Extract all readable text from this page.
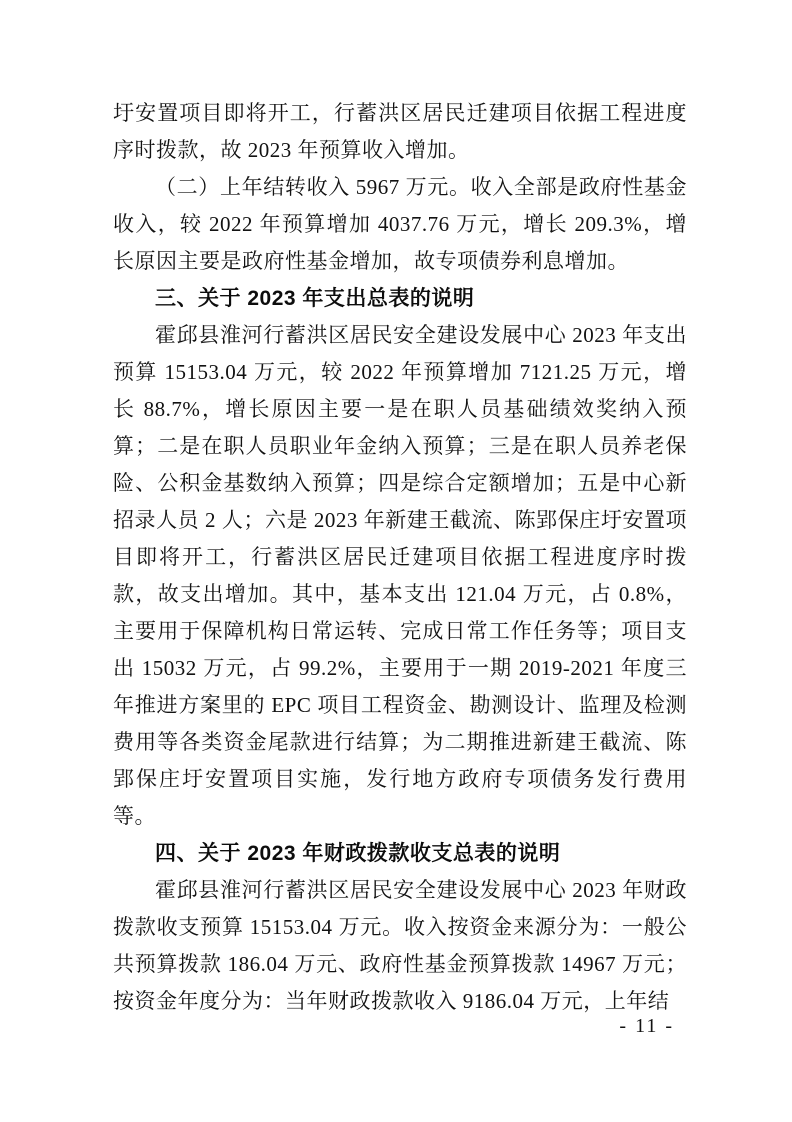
圩安置项目即将开工，行蓄洪区居民迁建项目依据工程进度序时拨款，故 2023 年预算收入增加。

（二）上年结转收入 5967 万元。收入全部是政府性基金收入，较 2022 年预算增加 4037.76 万元，增长 209.3%，增长原因主要是政府性基金增加，故专项债券利息增加。

三、关于 2023 年支出总表的说明

霍邱县淮河行蓄洪区居民安全建设发展中心 2023 年支出预算 15153.04 万元，较 2022 年预算增加 7121.25 万元，增长 88.7%，增长原因主要一是在职人员基础绩效奖纳入预算；二是在职人员职业年金纳入预算；三是在职人员养老保险、公积金基数纳入预算；四是综合定额增加；五是中心新招录人员 2 人；六是 2023 年新建王截流、陈郢保庄圩安置项目即将开工，行蓄洪区居民迁建项目依据工程进度序时拨款，故支出增加。其中，基本支出 121.04 万元，占 0.8%，主要用于保障机构日常运转、完成日常工作任务等；项目支出 15032 万元，占 99.2%，主要用于一期 2019-2021 年度三年推进方案里的 EPC 项目工程资金、勘测设计、监理及检测费用等各类资金尾款进行结算；为二期推进新建王截流、陈郢保庄圩安置项目实施，发行地方政府专项债务发行费用等。

四、关于 2023 年财政拨款收支总表的说明

霍邱县淮河行蓄洪区居民安全建设发展中心 2023 年财政拨款收支预算 15153.04 万元。收入按资金来源分为：一般公共预算拨款 186.04 万元、政府性基金预算拨款 14967 万元；按资金年度分为：当年财政拨款收入 9186.04 万元，上年结

- 11 -
